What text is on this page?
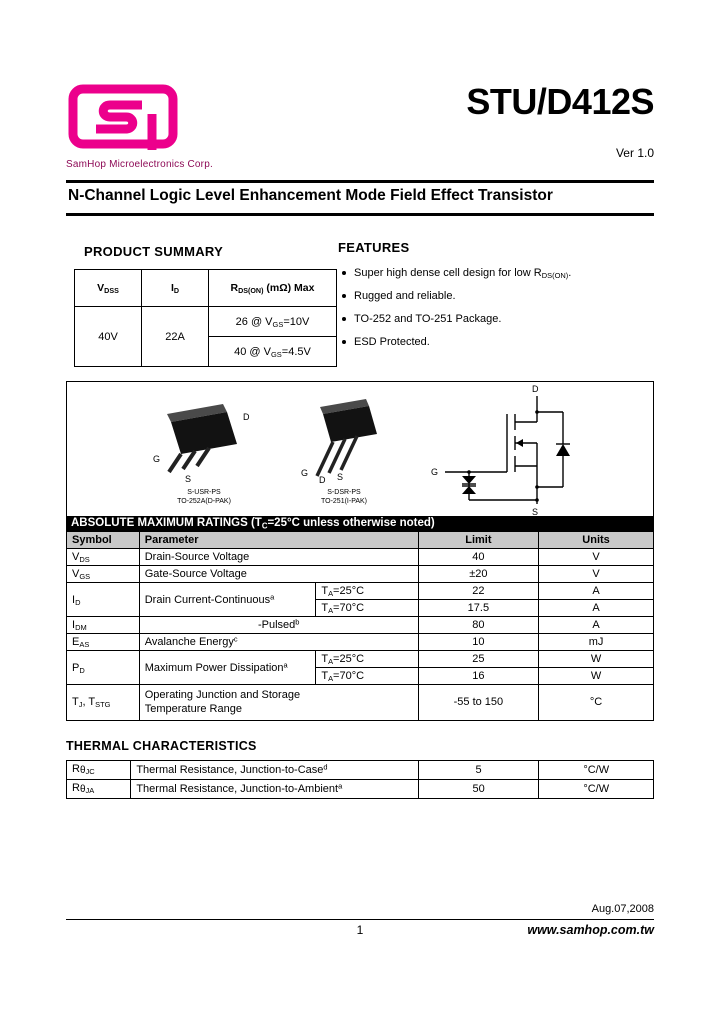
SamHop Microelectronics Corp.
STU/D412S
Ver 1.0
N-Channel Logic Level Enhancement Mode Field Effect Transistor
PRODUCT SUMMARY
$V_{DSS}$	$I_D$	$R_{DS(ON)}$ (mΩ) Max
40V	22A	26 @ $V_{GS}=10V$
		40 @ $V_{GS}=4.5V$
FEATURES
Super high dense cell design for low $R_{DS(ON)}$.
Rugged and reliable.
TO-252 and TO-251 Package.
ESD Protected.
D
G
S
S-USR-PS
TO-252A(D-PAK)
G
D S
S-DSR-PS
TO-251(I-PAK)
D
G
S
ABSOLUTE MAXIMUM RATINGS ($T_C=25^\circ C$ unless otherwise noted)
Symbol	Parameter		Limit	Units
$V_{DS}$	Drain-Source Voltage		40	V
$V_{GS}$	Gate-Source Voltage		±20	V
$I_D$	Drain Current-Continuous$^a$	$T_A=25^\circ C$	22	A
		$T_A=70^\circ C$	17.5	A
$I_{DM}$	-Pulsed$^b$		80	A
$E_{AS}$	Avalanche Energy$^c$		10	mJ
$P_D$	Maximum Power Dissipation$^a$	$T_A=25^\circ C$	25	W
		$T_A=70^\circ C$	16	W
$T_J$, $T_{STG}$	Operating Junction and Storage Temperature Range		-55 to 150	°C
THERMAL CHARACTERISTICS
$R\theta_{JC}$	Thermal Resistance, Junction-to-Case$^d$	5	°C/W
$R\theta_{JA}$	Thermal Resistance, Junction-to-Ambient$^a$	50	°C/W
Aug.07,2008
1	www.samhop.com.tw
